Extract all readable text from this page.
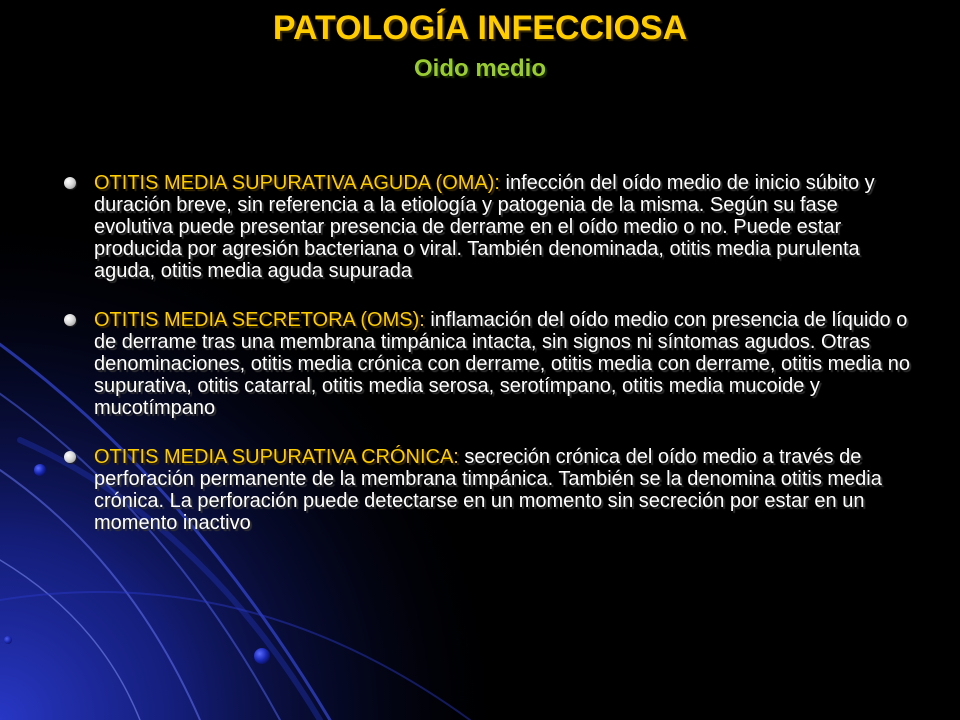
PATOLOGÍA INFECCIOSA
Oido medio
OTITIS MEDIA SUPURATIVA AGUDA (OMA): infección del oído medio de inicio súbito y duración breve, sin referencia a la etiología y patogenia de la misma. Según su fase evolutiva puede presentar presencia de derrame en el oído medio o no. Puede estar producida por agresión bacteriana o viral. También denominada, otitis media purulenta aguda, otitis media aguda supurada
OTITIS MEDIA SECRETORA (OMS): inflamación del oído medio con presencia de líquido o de derrame tras una membrana timpánica intacta, sin signos ni síntomas agudos. Otras denominaciones, otitis media crónica con derrame, otitis media con derrame, otitis media no supurativa, otitis catarral, otitis media serosa, serotímpano, otitis media mucoide y mucotímpano
OTITIS MEDIA SUPURATIVA CRÓNICA: secreción crónica del oído medio a través de perforación permanente de la membrana timpánica. También se la denomina otitis media crónica. La perforación puede detectarse en un momento sin secreción por estar en un momento inactivo
